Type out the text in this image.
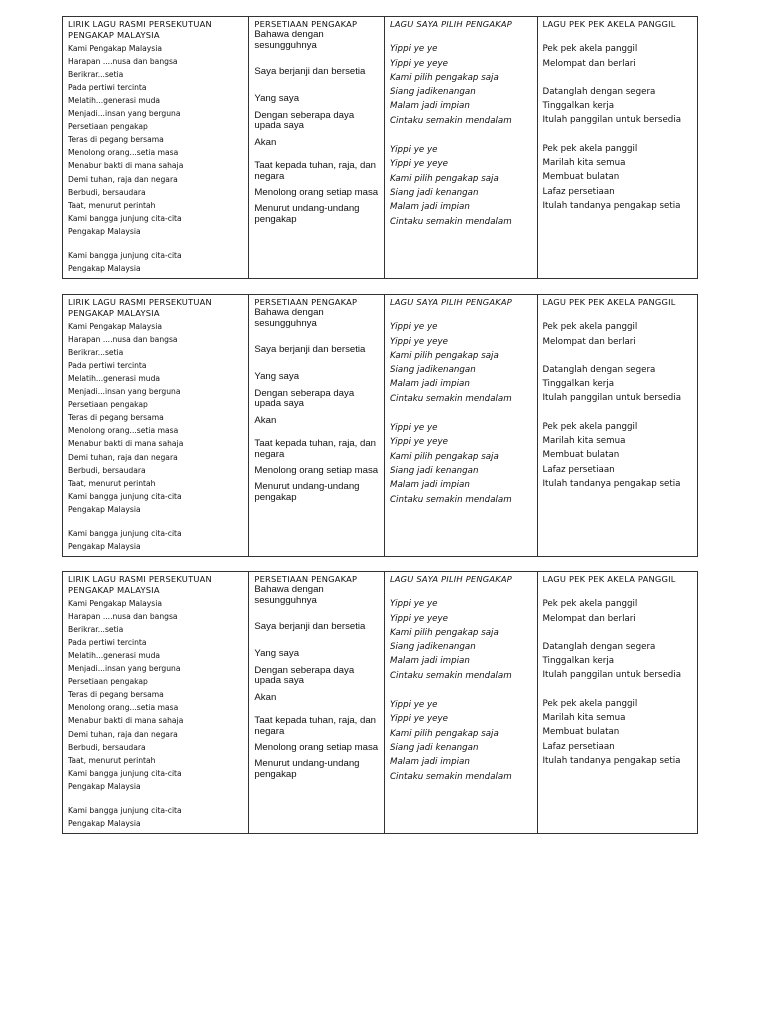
LIRIK LAGU RASMI PERSEKUTUAN PENGAKAP MALAYSIA
Kami Pengakap Malaysia
Harapan ....nusa dan bangsa
Berikrar...setia
Pada pertiwi tercinta
Melatih...generasi muda
Menjadi...insan yang berguna
Persetiaan pengakap
Teras di pegang bersama
Menolong orang...setia masa
Menabur bakti di mana sahaja
Demi tuhan, raja dan negara
Berbudi, bersaudara
Taat, menurut perintah
Kami bangga junjung cita-cita
Pengakap Malaysia
Kami bangga junjung cita-cita
Pengakap Malaysia
PERSETIAAN PENGAKAP

Bahawa dengan sesungguhnya

Saya berjanji dan bersetia

Yang saya

Dengan seberapa daya upada saya

Akan

Taat kepada tuhan, raja, dan negara

Menolong orang setiap masa

Menurut undang-undang pengakap

LAGU SAYA PILIH PENGAKAP
Yippi ye ye
Yippi ye yeye
Kami pilih pengakap saja
Siang jadikenangan
Malam jadi impian
Cintaku semakin mendalam
Yippi ye ye
Yippi ye yeye
Kami pilih pengakap saja
Siang jadi kenangan
Malam jadi impian
Cintaku semakin mendalam
LAGU PEK PEK AKELA PANGGIL
Pek pek akela panggil
Melompat dan berlari
Datanglah dengan segera
Tinggalkan kerja
Itulah panggilan untuk bersedia
Pek pek akela panggil
Marilah kita semua
Membuat bulatan
Lafaz persetiaan
Itulah tandanya pengakap setia
LIRIK LAGU RASMI PERSEKUTUAN PENGAKAP MALAYSIA
Kami Pengakap Malaysia
Harapan ....nusa dan bangsa
Berikrar...setia
Pada pertiwi tercinta
Melatih...generasi muda
Menjadi...insan yang berguna
Persetiaan pengakap
Teras di pegang bersama
Menolong orang...setia masa
Menabur bakti di mana sahaja
Demi tuhan, raja dan negara
Berbudi, bersaudara
Taat, menurut perintah
Kami bangga junjung cita-cita
Pengakap Malaysia
Kami bangga junjung cita-cita
Pengakap Malaysia
PERSETIAAN PENGAKAP

Bahawa dengan sesungguhnya

Saya berjanji dan bersetia

Yang saya

Dengan seberapa daya upada saya

Akan

Taat kepada tuhan, raja, dan negara

Menolong orang setiap masa

Menurut undang-undang pengakap

LAGU SAYA PILIH PENGAKAP
Yippi ye ye
Yippi ye yeye
Kami pilih pengakap saja
Siang jadikenangan
Malam jadi impian
Cintaku semakin mendalam
Yippi ye ye
Yippi ye yeye
Kami pilih pengakap saja
Siang jadi kenangan
Malam jadi impian
Cintaku semakin mendalam
LAGU PEK PEK AKELA PANGGIL
Pek pek akela panggil
Melompat dan berlari
Datanglah dengan segera
Tinggalkan kerja
Itulah panggilan untuk bersedia
Pek pek akela panggil
Marilah kita semua
Membuat bulatan
Lafaz persetiaan
Itulah tandanya pengakap setia
LIRIK LAGU RASMI PERSEKUTUAN PENGAKAP MALAYSIA
Kami Pengakap Malaysia
Harapan ....nusa dan bangsa
Berikrar...setia
Pada pertiwi tercinta
Melatih...generasi muda
Menjadi...insan yang berguna
Persetiaan pengakap
Teras di pegang bersama
Menolong orang...setia masa
Menabur bakti di mana sahaja
Demi tuhan, raja dan negara
Berbudi, bersaudara
Taat, menurut perintah
Kami bangga junjung cita-cita
Pengakap Malaysia
Kami bangga junjung cita-cita
Pengakap Malaysia
PERSETIAAN PENGAKAP

Bahawa dengan sesungguhnya

Saya berjanji dan bersetia

Yang saya

Dengan seberapa daya upada saya

Akan

Taat kepada tuhan, raja, dan negara

Menolong orang setiap masa

Menurut undang-undang pengakap

LAGU SAYA PILIH PENGAKAP
Yippi ye ye
Yippi ye yeye
Kami pilih pengakap saja
Siang jadikenangan
Malam jadi impian
Cintaku semakin mendalam
Yippi ye ye
Yippi ye yeye
Kami pilih pengakap saja
Siang jadi kenangan
Malam jadi impian
Cintaku semakin mendalam
LAGU PEK PEK AKELA PANGGIL
Pek pek akela panggil
Melompat dan berlari
Datanglah dengan segera
Tinggalkan kerja
Itulah panggilan untuk bersedia
Pek pek akela panggil
Marilah kita semua
Membuat bulatan
Lafaz persetiaan
Itulah tandanya pengakap setia
